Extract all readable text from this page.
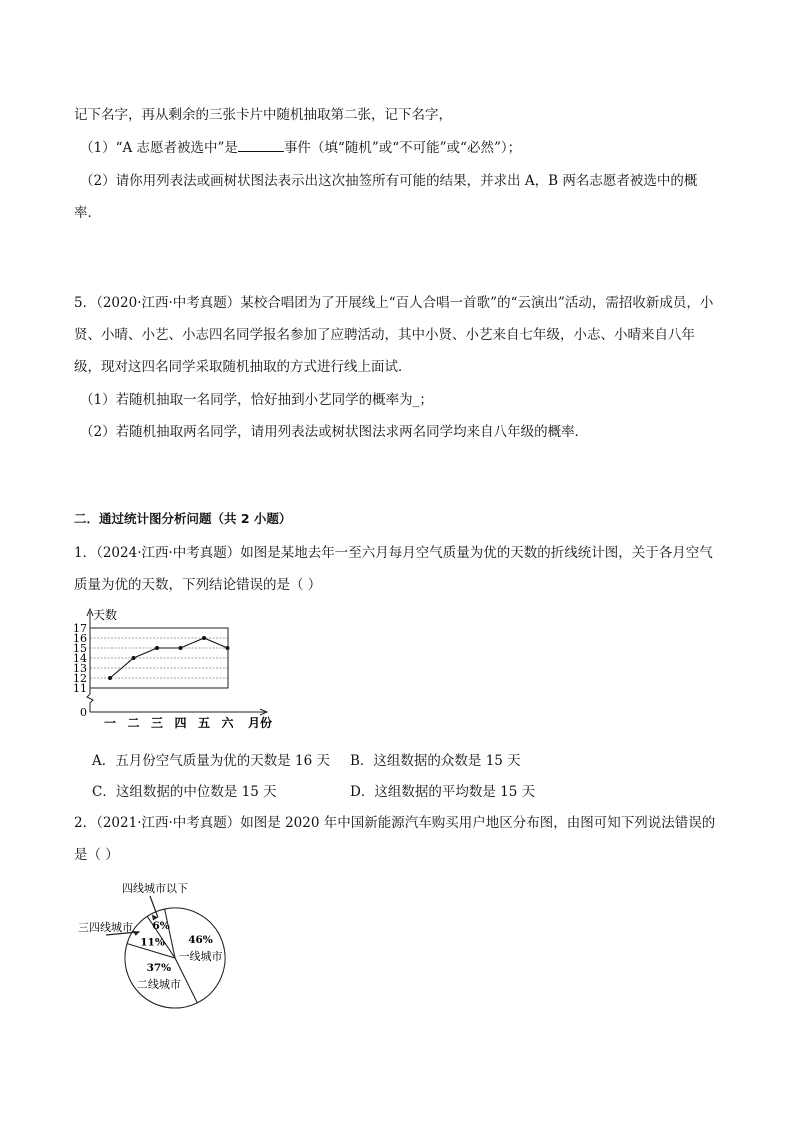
记下名字，再从剩余的三张卡片中随机抽取第二张，记下名字，
（1）“A 志愿者被选中”是	事件（填“随机”或“不可能”或“必然”）；
（2）请你用列表法或画树状图法表示出这次抽签所有可能的结果，并求出 A，B 两名志愿者被选中的概
率．
5．（2020·江西·中考真题）某校合唱团为了开展线上“百人合唱一首歌”的“云演出”活动，需招收新成员，小
贤、小晴、小艺、小志四名同学报名参加了应聘活动，其中小贤、小艺来自七年级，小志、小晴来自八年
级，现对这四名同学采取随机抽取的方式进行线上面试．
（1）若随机抽取一名同学，恰好抽到小艺同学的概率为_；
（2）若随机抽取两名同学，请用列表法或树状图法求两名同学均来自八年级的概率．
二．通过统计图分析问题（共 2 小题）
1．（2024·江西·中考真题）如图是某地去年一至六月每月空气质量为优的天数的折线统计图，关于各月空气
质量为优的天数，下列结论错误的是（ ）
0
11
12
13
14
15
16
17
一 二 三 四 五 六
天数
月份
A．五月份空气质量为优的天数是 16 天 B．这组数据的众数是 15 天
C．这组数据的中位数是 15 天	D．这组数据的平均数是 15 天
2．（2021·江西·中考真题）如图是 2020 年中国新能源汽车购买用户地区分布图，由图可知下列说法错误的
是（ ）
46%
一线城市
37%
二线城市
11%
6%
三四线城市
四线城市以下
